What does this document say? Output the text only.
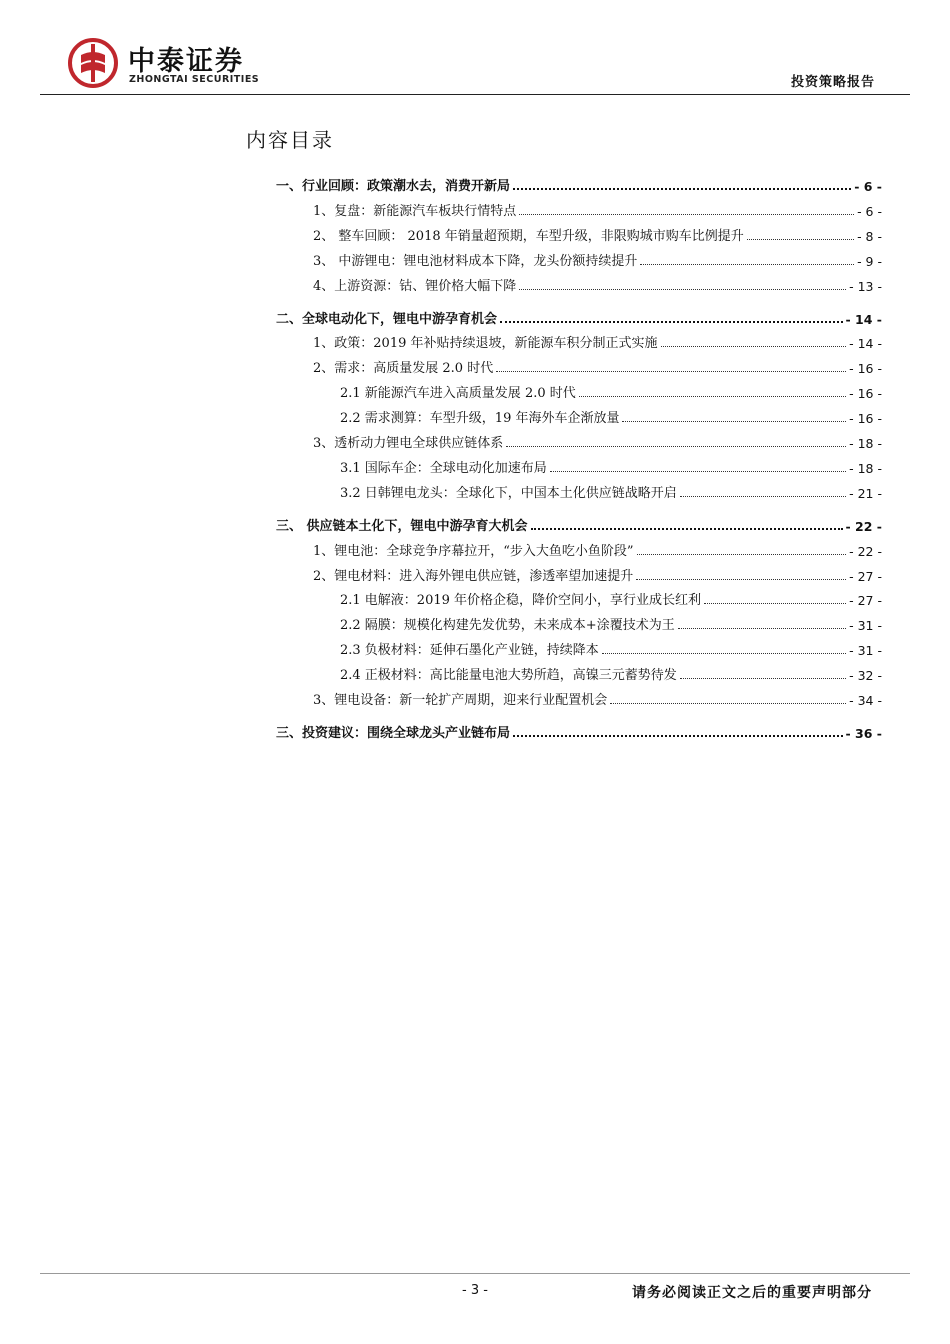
中泰证券
ZHONGTAI SECURITIES	投资策略报告
内容目录
一、行业回顾：政策潮水去，消费开新局	- 6 -
1、复盘：新能源汽车板块行情特点	- 6 -
2、 整车回顾： 2018 年销量超预期，车型升级，非限购城市购车比例提升	- 8 -
3、 中游锂电：锂电池材料成本下降，龙头份额持续提升	- 9 -
4、上游资源：钴、锂价格大幅下降	- 13 -
二、全球电动化下，锂电中游孕育机会	- 14 -
1、政策：2019 年补贴持续退坡，新能源车积分制正式实施	- 14 -
2、需求：高质量发展 2.0 时代	- 16 -
2.1 新能源汽车进入高质量发展 2.0 时代	- 16 -
2.2 需求测算：车型升级，19 年海外车企渐放量	- 16 -
3、透析动力锂电全球供应链体系	- 18 -
3.1 国际车企：全球电动化加速布局	- 18 -
3.2 日韩锂电龙头：全球化下，中国本土化供应链战略开启	- 21 -
三、 供应链本土化下，锂电中游孕育大机会	- 22 -
1、锂电池：全球竞争序幕拉开，“步入大鱼吃小鱼阶段”	- 22 -
2、锂电材料：进入海外锂电供应链，渗透率望加速提升	- 27 -
2.1 电解液：2019 年价格企稳，降价空间小，享行业成长红利	- 27 -
2.2 隔膜：规模化构建先发优势，未来成本+涂覆技术为王	- 31 -
2.3 负极材料：延伸石墨化产业链，持续降本	- 31 -
2.4 正极材料：高比能量电池大势所趋，高镍三元蓄势待发	- 32 -
3、锂电设备：新一轮扩产周期，迎来行业配置机会	- 34 -
三、投资建议：围绕全球龙头产业链布局	- 36 -
- 3 -	请务必阅读正文之后的重要声明部分
